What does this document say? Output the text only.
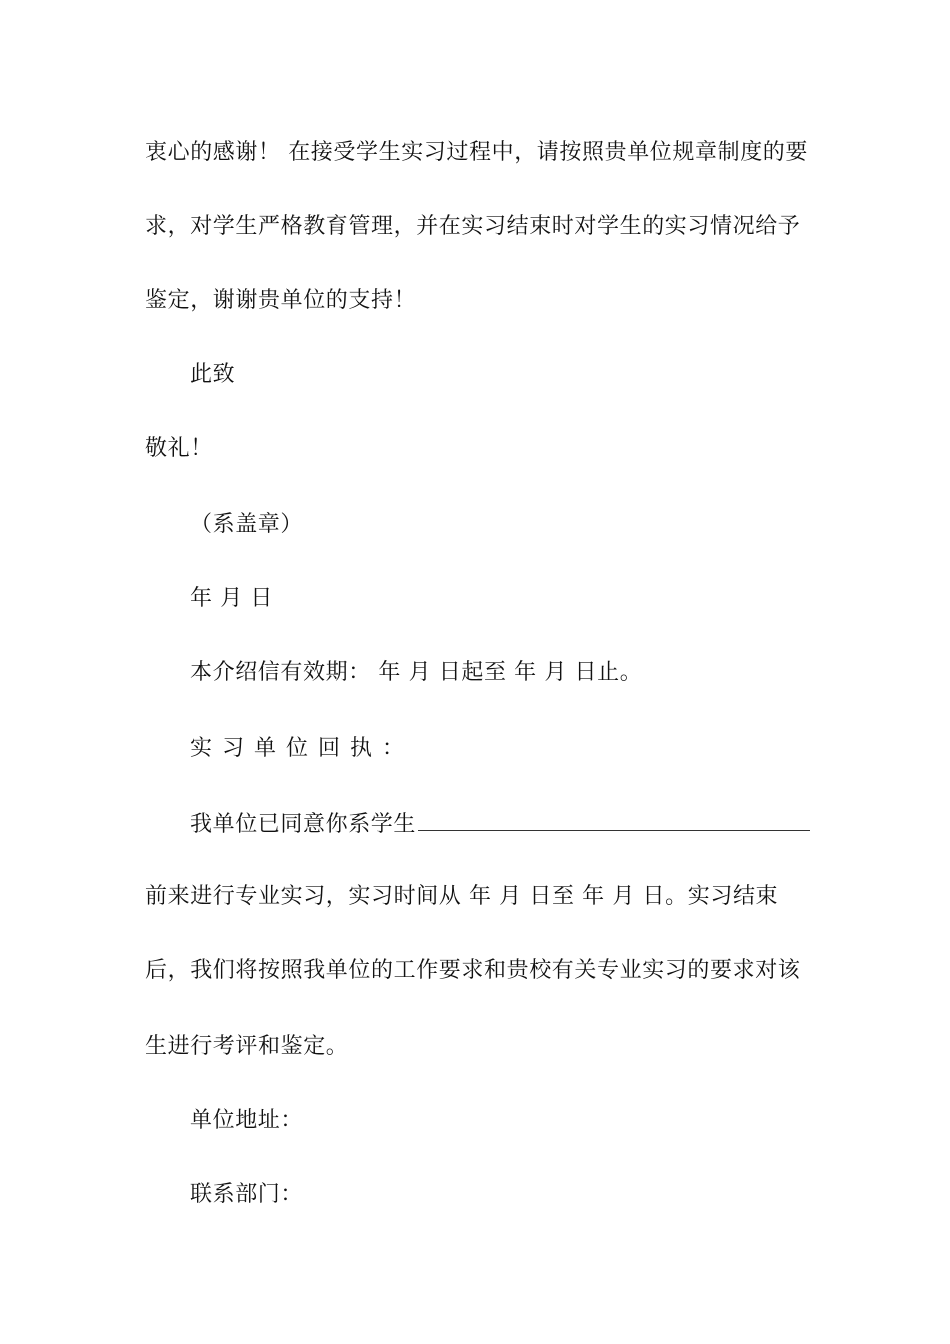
衷心的感谢！ 在接受学生实习过程中，请按照贵单位规章制度的要
求，对学生严格教育管理，并在实习结束时对学生的实习情况给予
鉴定，谢谢贵单位的支持！
此致
敬礼！
（系盖章）
年 月 日
本介绍信有效期： 年 月 日起至 年 月 日止。
实习单位回执：
我单位已同意你系学生
前来进行专业实习，实习时间从 年 月 日至 年 月 日。实习结束
后，我们将按照我单位的工作要求和贵校有关专业实习的要求对该
生进行考评和鉴定。
单位地址：
联系部门：
